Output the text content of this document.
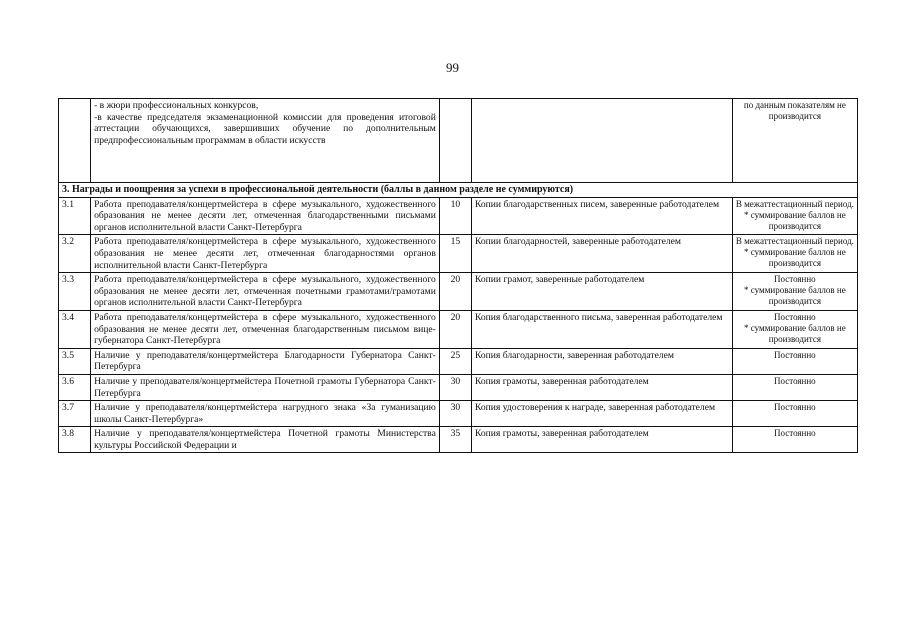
99
	- в жюри профессиональных конкурсов,
-в качестве председателя экзаменационной комиссии для проведения итоговой аттестации обучающихся, завершивших обучение по дополнительным предпрофессиональным программам в области искусств			по данным показателям не производится
3. Награды и поощрения за успехи в профессиональной деятельности (баллы в данном разделе не суммируются)				
3.1	Работа преподавателя/концертмейстера в сфере музыкального, художественного образования не менее десяти лет, отмеченная благодарственными письмами органов исполнительной власти Санкт-Петербурга	10	Копии благодарственных писем, заверенные работодателем	В межаттестационный период.
* суммирование баллов не производится
3.2	Работа преподавателя/концертмейстера в сфере музыкального, художественного образования не менее десяти лет, отмеченная благодарностями органов исполнительной власти Санкт-Петербурга	15	Копии благодарностей, заверенные работодателем	В межаттестационный период.
* суммирование баллов не производится
3.3	Работа преподавателя/концертмейстера в сфере музыкального, художественного образования не менее десяти лет, отмеченная почетными грамотами/грамотами органов исполнительной власти Санкт-Петербурга	20	Копии грамот, заверенные работодателем	Постоянно
* суммирование баллов не производится
3.4	Работа преподавателя/концертмейстера в сфере музыкального, художественного образования не менее десяти лет, отмеченная благодарственным письмом вице-губернатора Санкт-Петербурга	20	Копия благодарственного письма, заверенная работодателем	Постоянно
* суммирование баллов не производится
3.5	Наличие у преподавателя/концертмейстера Благодарности Губернатора Санкт-Петербурга	25	Копия благодарности, заверенная работодателем	Постоянно
3.6	Наличие у преподавателя/концертмейстера Почетной грамоты Губернатора Санкт-Петербурга	30	Копия грамоты, заверенная работодателем	Постоянно
3.7	Наличие у преподавателя/концертмейстера нагрудного знака «За гуманизацию школы Санкт-Петербурга»	30	Копия удостоверения к награде, заверенная работодателем	Постоянно
3.8	Наличие у преподавателя/концертмейстера Почетной грамоты Министерства культуры Российской Федерации и	35	Копия грамоты, заверенная работодателем	Постоянно
